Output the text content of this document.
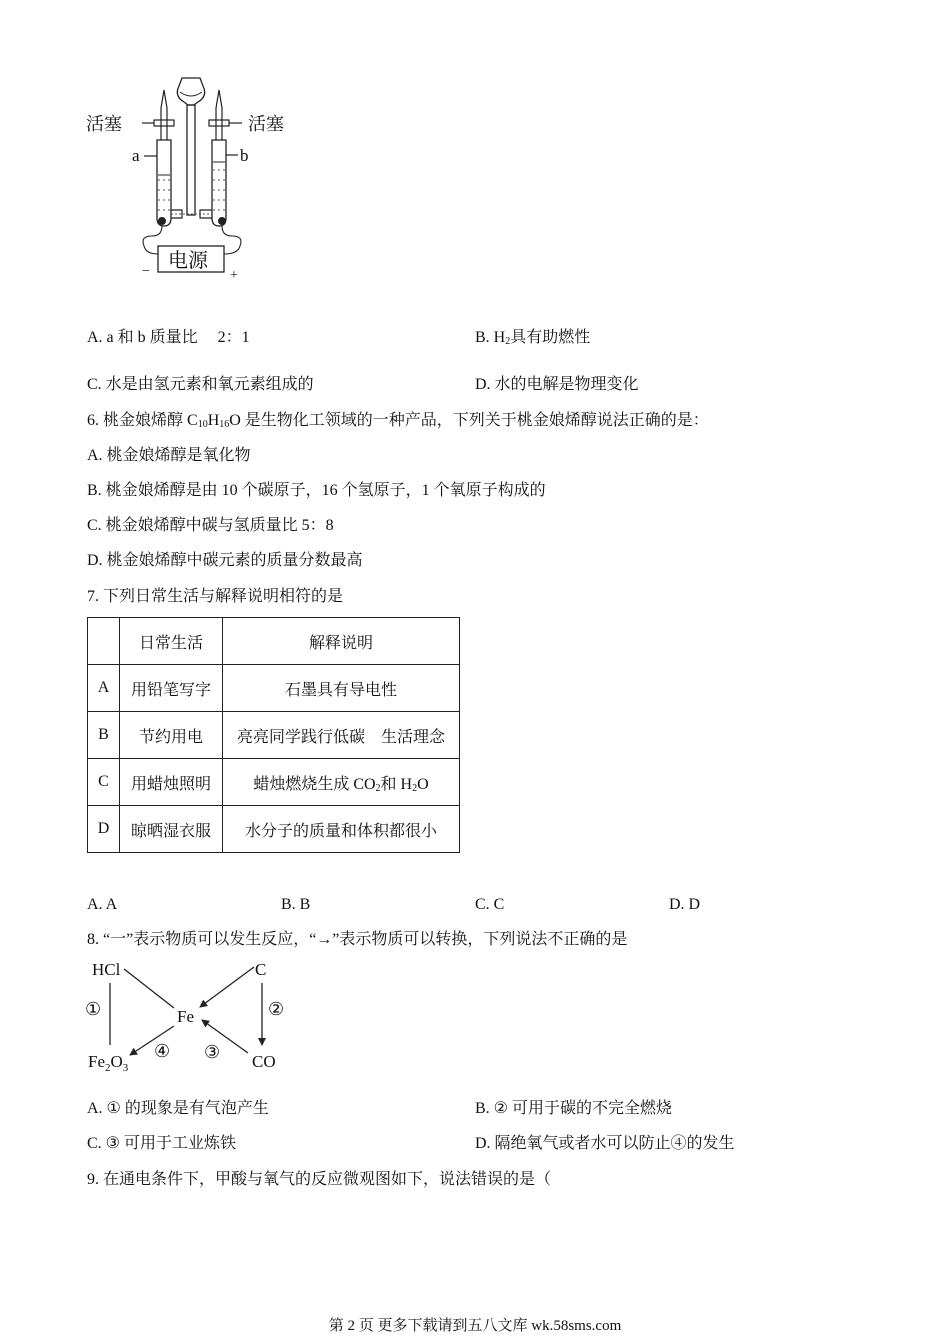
活塞	活塞
a	b
电源
−	+
A. a 和 b 质量比 2：1	B. $H_2$具有助燃性
C. 水是由氢元素和氧元素组成的	D. 水的电解是物理变化
6. 桃金娘烯醇 $C_{10}H_{16}O$ 是生物化工领域的一种产品，下列关于桃金娘烯醇说法正确的是：
A. 桃金娘烯醇是氧化物
B. 桃金娘烯醇是由 10 个碳原子，16 个氢原子，1 个氧原子构成的
C. 桃金娘烯醇中碳与氢质量比 5：8
D. 桃金娘烯醇中碳元素的质量分数最高
7. 下列日常生活与解释说明相符的是
	日常生活	解释说明
A	用铅笔写字	石墨具有导电性
B	节约用电	亮亮同学践行低碳　生活理念
C	用蜡烛照明	蜡烛燃烧生成 $CO_2$和 $H_2O$
D	晾晒湿衣服	水分子的质量和体积都很小
A. A	B. B	C. C	D. D
8. “一”表示物质可以发生反应，“→”表示物质可以转换，下列说法不正确的是
HCl	C
Fe
$Fe_2O_3$	CO
①	②
③
④
A. ① 的现象是有气泡产生	B. ② 可用于碳的不完全燃烧
C. ③ 可用于工业炼铁	D. 隔绝氧气或者水可以防止④的发生
9. 在通电条件下，甲酸与氧气的反应微观图如下，说法错误的是（
第 2 页 更多下载请到五八文库 wk.58sms.com
